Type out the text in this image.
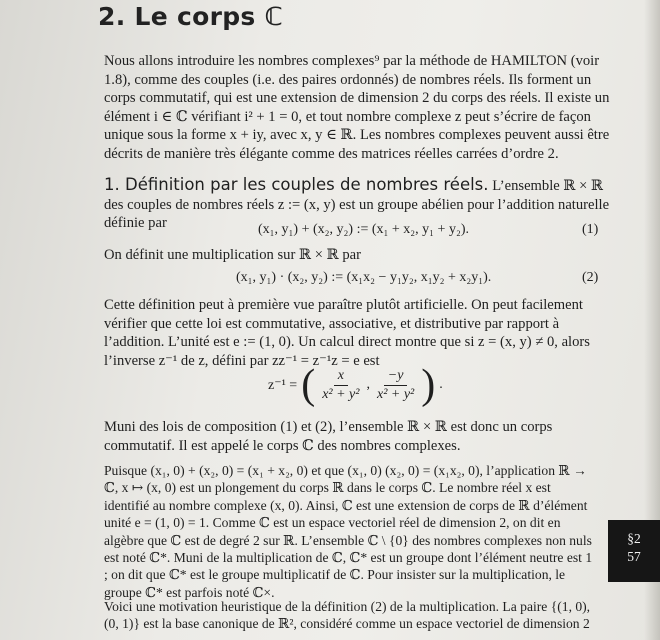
2. Le corps ℂ
Nous allons introduire les nombres complexes⁹ par la méthode de HAMILTON (voir 1.8), comme des couples (i.e. des paires ordonnés) de nombres réels. Ils forment un corps commutatif, qui est une extension de dimension 2 du corps des réels. Il existe un élément i ∈ ℂ vérifiant i² + 1 = 0, et tout nombre complexe z peut s’écrire de façon unique sous la forme x + iy, avec x, y ∈ ℝ. Les nombres complexes peuvent aussi être décrits de manière très élégante comme des matrices réelles carrées d’ordre 2.
1. Définition par les couples de nombres réels. L’ensemble ℝ × ℝ des couples de nombres réels z := (x, y) est un groupe abélien pour l’addition naturelle définie par	(x₁, y₁) + (x₂, y₂) := (x₁ + x₂, y₁ + y₂).	(1)
On définit une multiplication sur ℝ × ℝ par
(x₁, y₁) · (x₂, y₂) := (x₁x₂ − y₁y₂, x₁y₂ + x₂y₁).	(2)
Cette définition peut à première vue paraître plutôt artificielle. On peut facilement vérifier que cette loi est commutative, associative, et distributive par rapport à l’addition. L’unité est e := (1, 0). Un calcul direct montre que si z = (x, y) ≠ 0, alors l’inverse z⁻¹ de z, défini par zz⁻¹ = z⁻¹z = e est
z⁻¹ = ( $\frac{x}{\text{x² + y²}}$ , $\frac{-y}{\text{x² + y²}}$ ) .
Muni des lois de composition (1) et (2), l’ensemble ℝ × ℝ est donc un corps commutatif. Il est appelé le corps ℂ des nombres complexes.
Puisque (x₁, 0) + (x₂, 0) = (x₁ + x₂, 0) et que (x₁, 0) (x₂, 0) = (x₁x₂, 0), l’application ℝ → ℂ, x ↦ (x, 0) est un plongement du corps ℝ dans le corps ℂ. Le nombre réel x est identifié au nombre complexe (x, 0). Ainsi, ℂ est une extension de corps de ℝ d’élément unité e = (1, 0) = 1. Comme ℂ est un espace vectoriel réel de dimension 2, on dit en algèbre que ℂ est de degré 2 sur ℝ. L’ensemble ℂ \ {0} des nombres complexes non nuls est noté ℂ*. Muni de la multiplication de ℂ, ℂ* est un groupe dont l’élément neutre est 1 ; on dit que ℂ* est le groupe multiplicatif de ℂ. Pour insister sur la multiplication, le groupe ℂ* est parfois noté ℂ×.
Voici une motivation heuristique de la définition (2) de la multiplication. La paire {(1, 0), (0, 1)} est la base canonique de ℝ², considéré comme un espace vectoriel de dimension 2
§2
57
